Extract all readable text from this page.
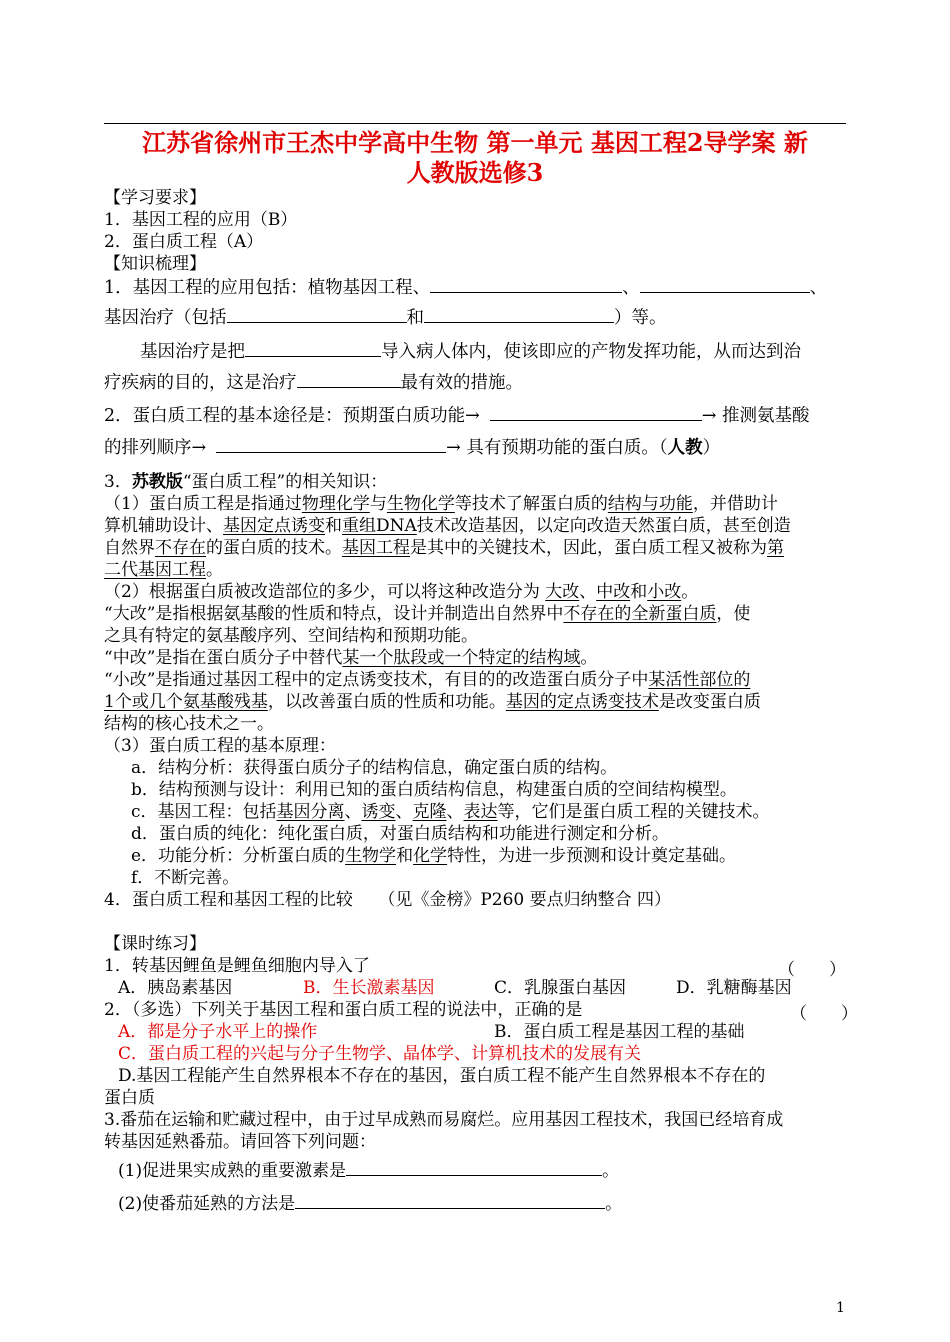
江苏省徐州市王杰中学高中生物 第一单元 基因工程2导学案 新
人教版选修3
【学习要求】
1．基因工程的应用（B）
2．蛋白质工程（A）
【知识梳理】
1．基因工程的应用包括：植物基因工程、	、	、
基因治疗（包括	和	）等。
基因治疗是把	导入病人体内，使该即应的产物发挥功能，从而达到治
疗疾病的目的，这是治疗	最有效的措施。
2．蛋白质工程的基本途径是：预期蛋白质功能→	→ 推测氨基酸
的排列顺序→	→ 具有预期功能的蛋白质。（人教）
3．苏教版“蛋白质工程”的相关知识：
（1）蛋白质工程是指通过物理化学与生物化学等技术了解蛋白质的结构与功能，并借助计
算机辅助设计、基因定点诱变和重组DNA技术改造基因，以定向改造天然蛋白质，甚至创造
自然界不存在的蛋白质的技术。基因工程是其中的关键技术，因此，蛋白质工程又被称为第
二代基因工程。
（2）根据蛋白质被改造部位的多少，可以将这种改造分为 大改、中改和小改。
“大改”是指根据氨基酸的性质和特点，设计并制造出自然界中不存在的全新蛋白质，使
之具有特定的氨基酸序列、空间结构和预期功能。
“中改”是指在蛋白质分子中替代某一个肽段或一个特定的结构域。
“小改”是指通过基因工程中的定点诱变技术，有目的的改造蛋白质分子中某活性部位的
1个或几个氨基酸残基，以改善蛋白质的性质和功能。基因的定点诱变技术是改变蛋白质
结构的核心技术之一。
（3）蛋白质工程的基本原理：
a．结构分析：获得蛋白质分子的结构信息，确定蛋白质的结构。
b．结构预测与设计：利用已知的蛋白质结构信息，构建蛋白质的空间结构模型。
c．基因工程：包括基因分离、诱变、克隆、表达等，它们是蛋白质工程的关键技术。
d．蛋白质的纯化：纯化蛋白质，对蛋白质结构和功能进行测定和分析。
e．功能分析：分析蛋白质的生物学和化学特性，为进一步预测和设计奠定基础。
f．不断完善。
4．蛋白质工程和基因工程的比较　　（见《金榜》P260 要点归纳整合 四）
【课时练习】
1．转基因鲤鱼是鲤鱼细胞内导入了	（　　）
A．胰岛素基因	B．生长激素基因	C．乳腺蛋白基因	D．乳糖酶基因
2．（多选）下列关于基因工程和蛋白质工程的说法中，正确的是	（　　）
A．都是分子水平上的操作	B．蛋白质工程是基因工程的基础
C．蛋白质工程的兴起与分子生物学、晶体学、计算机技术的发展有关
D.基因工程能产生自然界根本不存在的基因，蛋白质工程不能产生自然界根本不存在的
蛋白质
3.番茄在运输和贮藏过程中，由于过早成熟而易腐烂。应用基因工程技术，我国已经培育成
转基因延熟番茄。请回答下列问题：
(1)促进果实成熟的重要激素是	。
(2)使番茄延熟的方法是	。
1
